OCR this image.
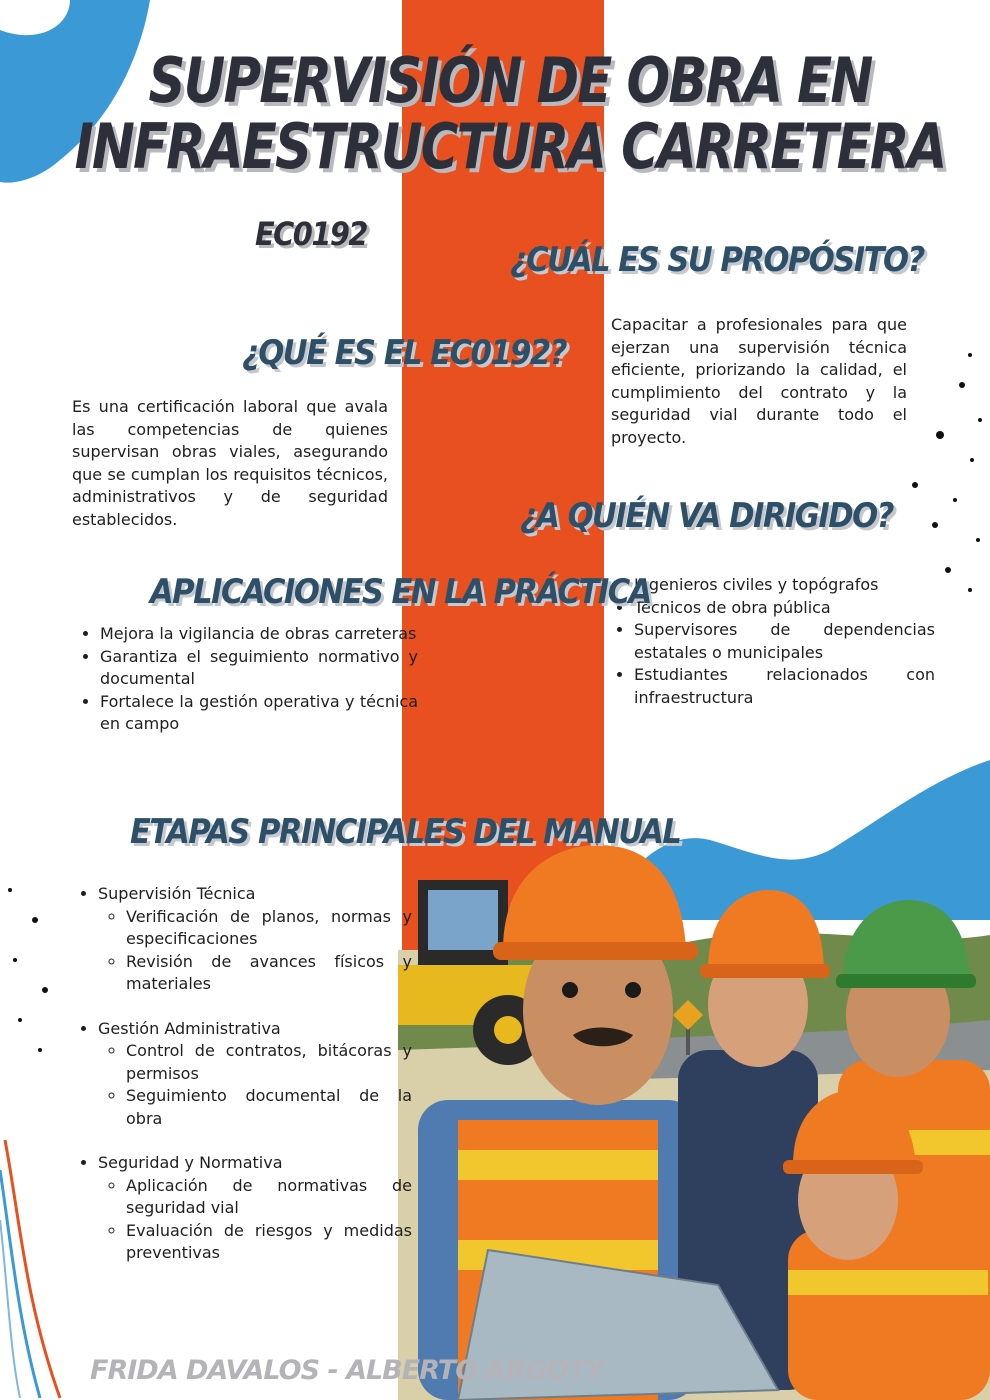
SUPERVISIÓN DE OBRA EN
INFRAESTRUCTURA CARRETERA
EC0192
¿QUÉ ES EL EC0192?
Es una certificación laboral que avala las competencias de quienes supervisan obras viales, asegurando que se cumplan los requisitos técnicos, administrativos y de seguridad establecidos.
¿CUÁL ES SU PROPÓSITO?
Capacitar a profesionales para que ejerzan una supervisión técnica eficiente, priorizando la calidad, el cumplimiento del contrato y la seguridad vial durante todo el proyecto.
¿A QUIÉN VA DIRIGIDO?
• Ingenieros civiles y topógrafos
• Técnicos de obra pública
• Supervisores de dependencias estatales o municipales
• Estudiantes relacionados con infraestructura
APLICACIONES EN LA PRÁCTICA
• Mejora la vigilancia de obras carreteras
• Garantiza el seguimiento normativo y documental
• Fortalece la gestión operativa y técnica en campo
ETAPAS PRINCIPALES DEL MANUAL
• Supervisión Técnica
◦ Verificación de planos, normas y especificaciones
◦ Revisión de avances físicos y materiales
• Gestión Administrativa
◦ Control de contratos, bitácoras y permisos
◦ Seguimiento documental de la obra
• Seguridad y Normativa
◦ Aplicación de normativas de seguridad vial
◦ Evaluación de riesgos y medidas preventivas
FRIDA DAVALOS - ALBERTO ARGOTY
